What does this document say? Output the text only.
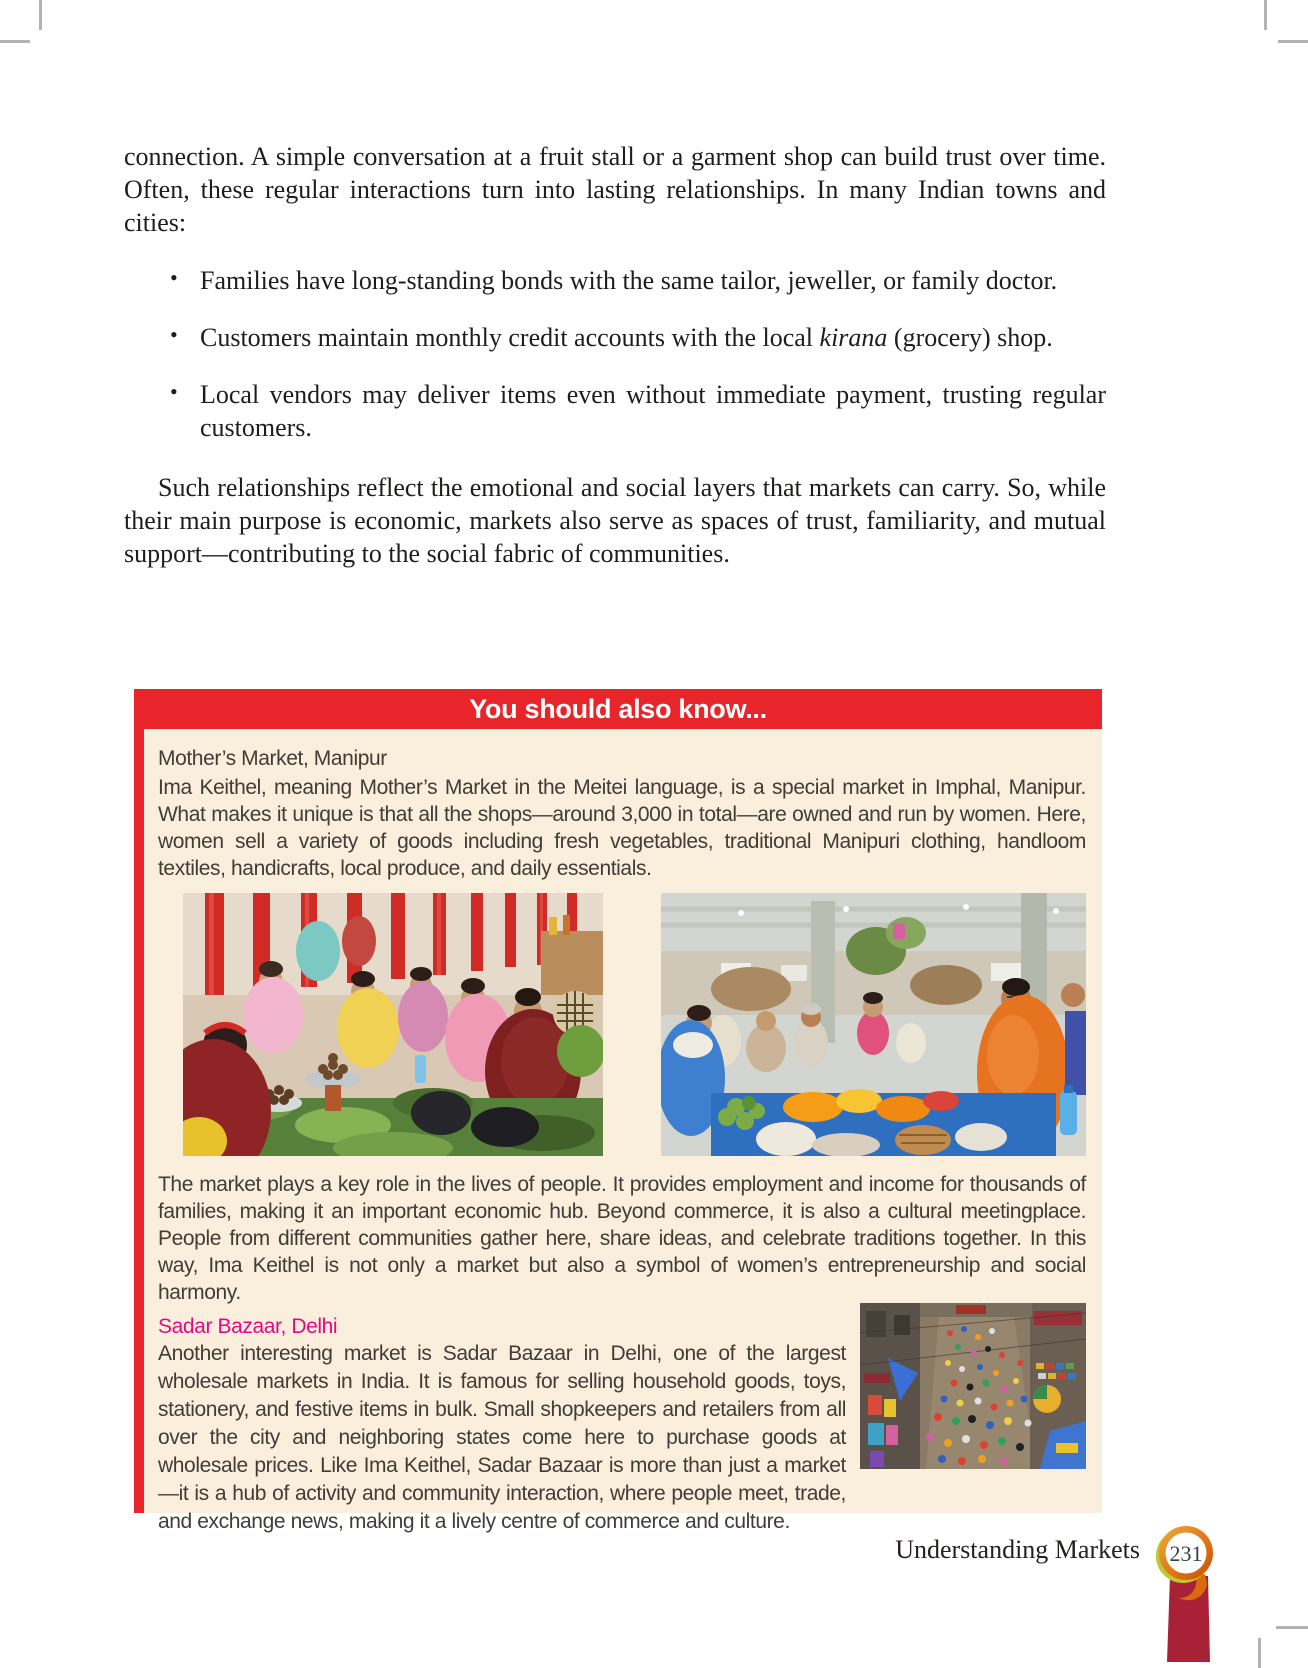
connection. A simple conversation at a fruit stall or a garment shop can build trust over time. Often, these regular interactions turn into lasting relationships. In many Indian towns and cities:

• Families have long-standing bonds with the same tailor, jeweller, or family doctor.
• Customers maintain monthly credit accounts with the local kirana (grocery) shop.
• Local vendors may deliver items even without immediate payment, trusting regular customers.

Such relationships reflect the emotional and social layers that markets can carry. So, while their main purpose is economic, markets also serve as spaces of trust, familiarity, and mutual support—contributing to the social fabric of communities.

You should also know...

Mother’s Market, Manipur

Ima Keithel, meaning Mother’s Market in the Meitei language, is a special market in Imphal, Manipur. What makes it unique is that all the shops—around 3,000 in total—are owned and run by women. Here, women sell a variety of goods including fresh vegetables, traditional Manipuri clothing, handloom textiles, handicrafts, local produce, and daily essentials.

The market plays a key role in the lives of people. It provides employment and income for thousands of families, making it an important economic hub. Beyond commerce, it is also a cultural meetingplace. People from different communities gather here, share ideas, and celebrate traditions together. In this way, Ima Keithel is not only a market but also a symbol of women’s entrepreneurship and social harmony.

Sadar Bazaar, Delhi

Another interesting market is Sadar Bazaar in Delhi, one of the largest wholesale markets in India. It is famous for selling household goods, toys, stationery, and festive items in bulk. Small shopkeepers and retailers from all over the city and neighboring states come here to purchase goods at wholesale prices. Like Ima Keithel, Sadar Bazaar is more than just a market—it is a hub of activity and community interaction, where people meet, trade, and exchange news, making it a lively centre of commerce and culture.

Understanding Markets 231
